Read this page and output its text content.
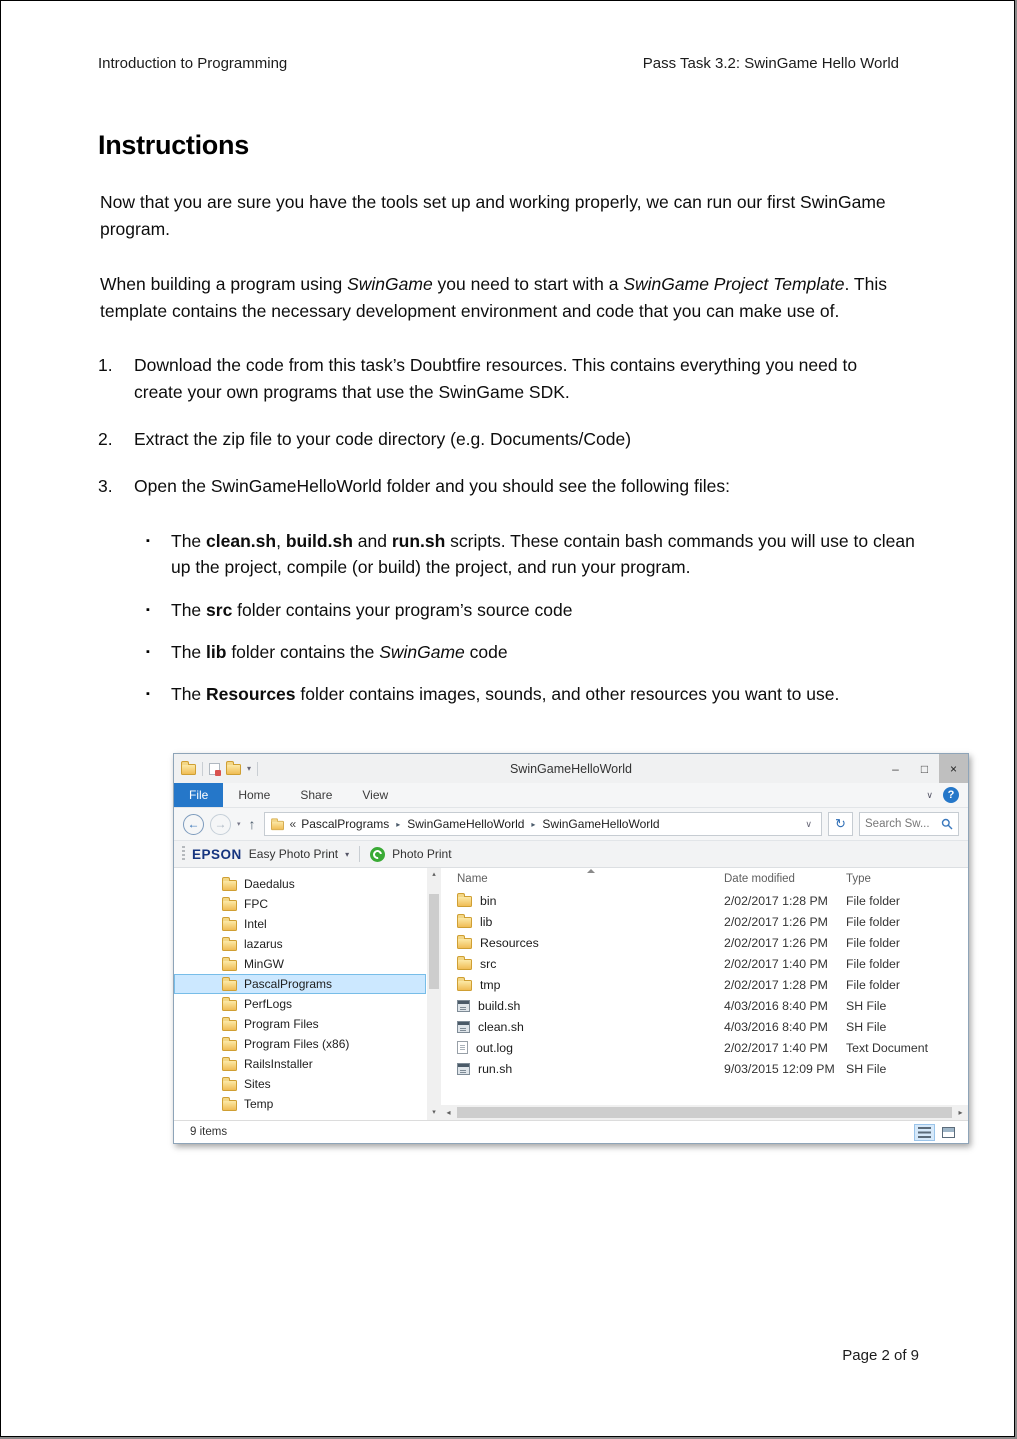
Introduction to Programming	Pass Task 3.2: SwinGame Hello World
Instructions

Now that you are sure you have the tools set up and working properly, we can run our first SwinGame program.

When building a program using SwinGame you need to start with a SwinGame Project Template. This template contains the necessary development environment and code that you can make use of.

1.	Download the code from this task’s Doubtfire resources. This contains everything you need to create your own programs that use the SwinGame SDK.
2.	Extract the zip file to your code directory (e.g. Documents/Code)
3.	Open the SwinGameHelloWorld folder and you should see the following files:
▪ The clean.sh, build.sh and run.sh scripts. These contain bash commands you will use to clean up the project, compile (or build) the project, and run your program.
▪ The src folder contains your program’s source code
▪ The lib folder contains the SwinGame code
▪ The Resources folder contains images, sounds, and other resources you want to use.
▾	SwinGameHelloWorld	–	□	×
File	Home	Share	View	∨	?
←	→	▾ ↑	« PascalPrograms ▸ SwinGameHelloWorld ▸ SwinGameHelloWorld	∨	↻
Search Sw...
EPSON Easy Photo Print ▾	Photo Print
Daedalus
FPC
Intel
lazarus
MinGW
PascalPrograms
PerfLogs
Program Files
Program Files (x86)
RailsInstaller
Sites
Temp
▴
▾
Name	Date modified	Type
bin	2/02/2017 1:28 PM	File folder
lib	2/02/2017 1:26 PM	File folder
Resources	2/02/2017 1:26 PM	File folder
src	2/02/2017 1:40 PM	File folder
tmp	2/02/2017 1:28 PM	File folder
build.sh	4/03/2016 8:40 PM	SH File
clean.sh	4/03/2016 8:40 PM	SH File
out.log	2/02/2017 1:40 PM	Text Document
run.sh	9/03/2015 12:09 PM SH File
◂	▸
9 items
Page 2 of 9
